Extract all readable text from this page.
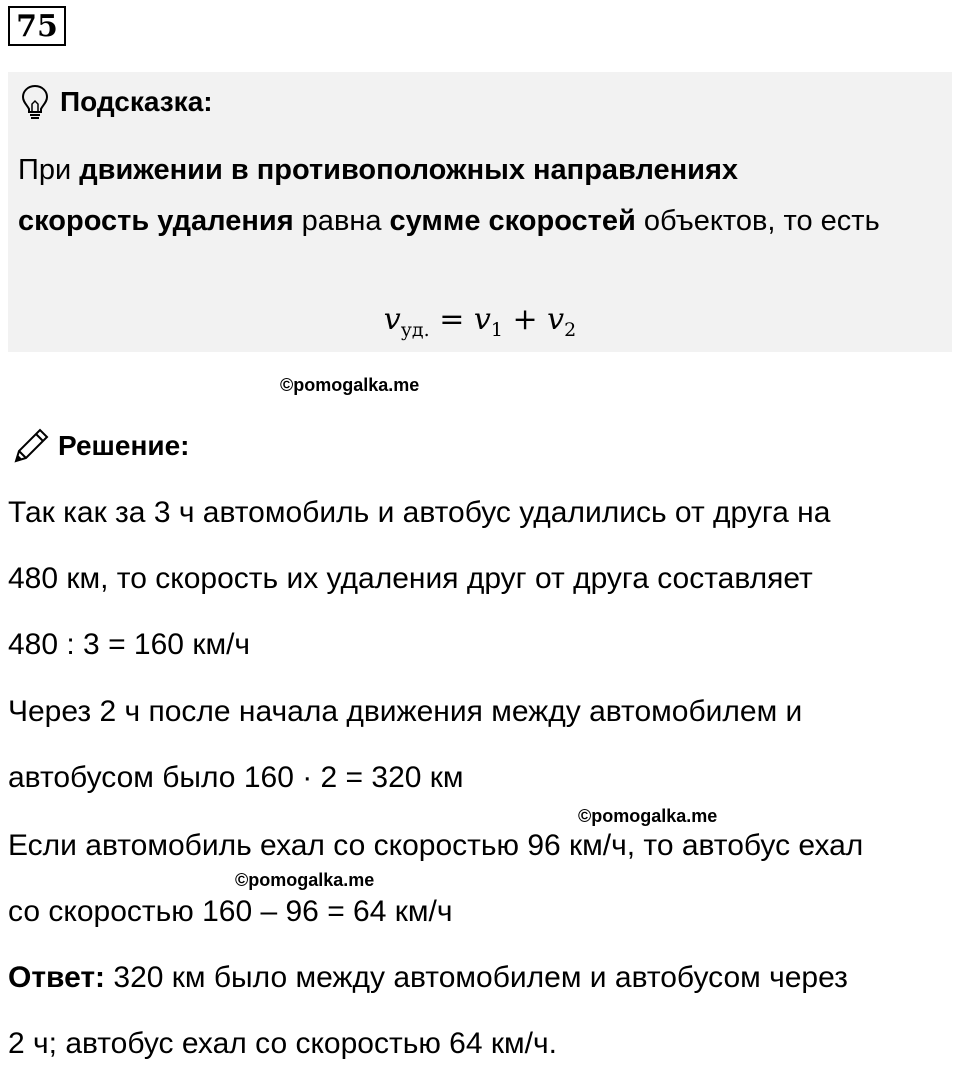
75
Подсказка:
При движении в противоположных направлениях
скорость удаления равна сумме скоростей объектов, то есть
$v_{уд.} = v_1 + v_2$
©pomogalka.me
Решение:
Так как за 3 ч автомобиль и автобус удалились от друга на
480 км, то скорость их удаления друг от друга составляет
480 : 3 = 160 км/ч
Через 2 ч после начала движения между автомобилем и
автобусом было 160 · 2 = 320 км
©pomogalka.me
Если автомобиль ехал со скоростью 96 км/ч, то автобус ехал
©pomogalka.me
со скоростью 160 – 96 = 64 км/ч
Ответ: 320 км было между автомобилем и автобусом через
2 ч; автобус ехал со скоростью 64 км/ч.
